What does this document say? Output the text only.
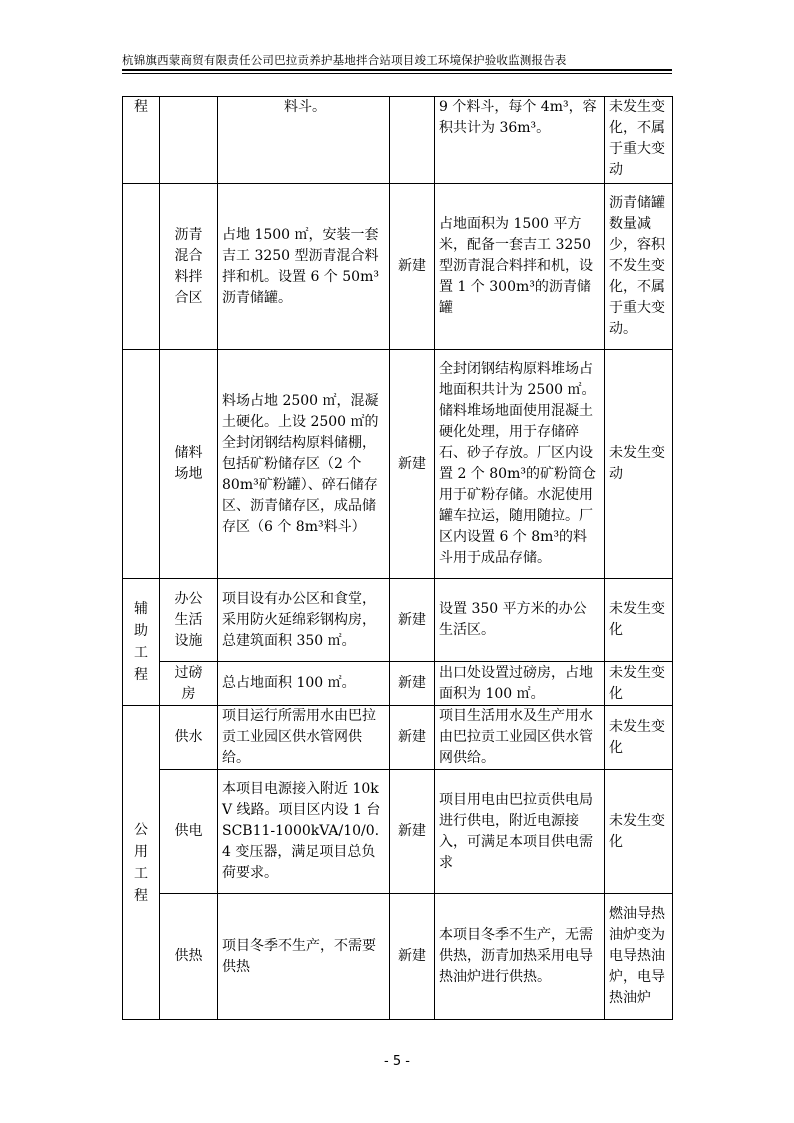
杭锦旗西蒙商贸有限责任公司巴拉贡养护基地拌合站项目竣工环境保护验收监测报告表
程		料斗。		9 个料斗，每个 4m³，容积共计为 36m³。	未发生变化，不属于重大变动
	沥青混合料拌合区	占地 1500 ㎡，安装一套吉工 3250 型沥青混合料拌和机。设置 6 个 50m³沥青储罐。	新建	占地面积为 1500 平方米，配备一套吉工 3250 型沥青混合料拌和机，设置 1 个 300m³的沥青储罐	沥青储罐数量减少，容积不发生变化，不属于重大变动。
	储料场地	料场占地 2500 ㎡，混凝土硬化。上设 2500 ㎡的全封闭钢结构原料储棚，包括矿粉储存区（2 个 80m³矿粉罐）、碎石储存区、沥青储存区，成品储存区（6 个 8m³料斗）	新建	全封闭钢结构原料堆场占地面积共计为 2500 ㎡。储料堆场地面使用混凝土硬化处理，用于存储碎石、砂子存放。厂区内设置 2 个 80m³的矿粉筒仓用于矿粉存储。水泥使用罐车拉运，随用随拉。厂区内设置 6 个 8m³的料斗用于成品存储。	未发生变动

辅助工程	办公生活设施	项目设有办公区和食堂，采用防火延绵彩钢构房，总建筑面积 350 ㎡。	新建	设置 350 平方米的办公生活区。	未发生变化
	过磅房	总占地面积 100 ㎡。	新建	出口处设置过磅房，占地面积为 100 ㎡。	未发生变化

公用工程	供水	项目运行所需用水由巴拉贡工业园区供水管网供给。	新建	项目生活用水及生产用水由巴拉贡工业园区供水管网供给。	未发生变化
	供电	本项目电源接入附近 10kV 线路。项目区内设 1 台 SCB11-1000kVA/10/0.4 变压器，满足项目总负荷要求。	新建	项目用电由巴拉贡供电局进行供电，附近电源接入，可满足本项目供电需求	未发生变化
	供热	项目冬季不生产，不需要供热	新建	本项目冬季不生产，无需供热，沥青加热采用电导热油炉进行供热。	燃油导热油炉变为电导热油炉，电导热油炉
- 5 -
